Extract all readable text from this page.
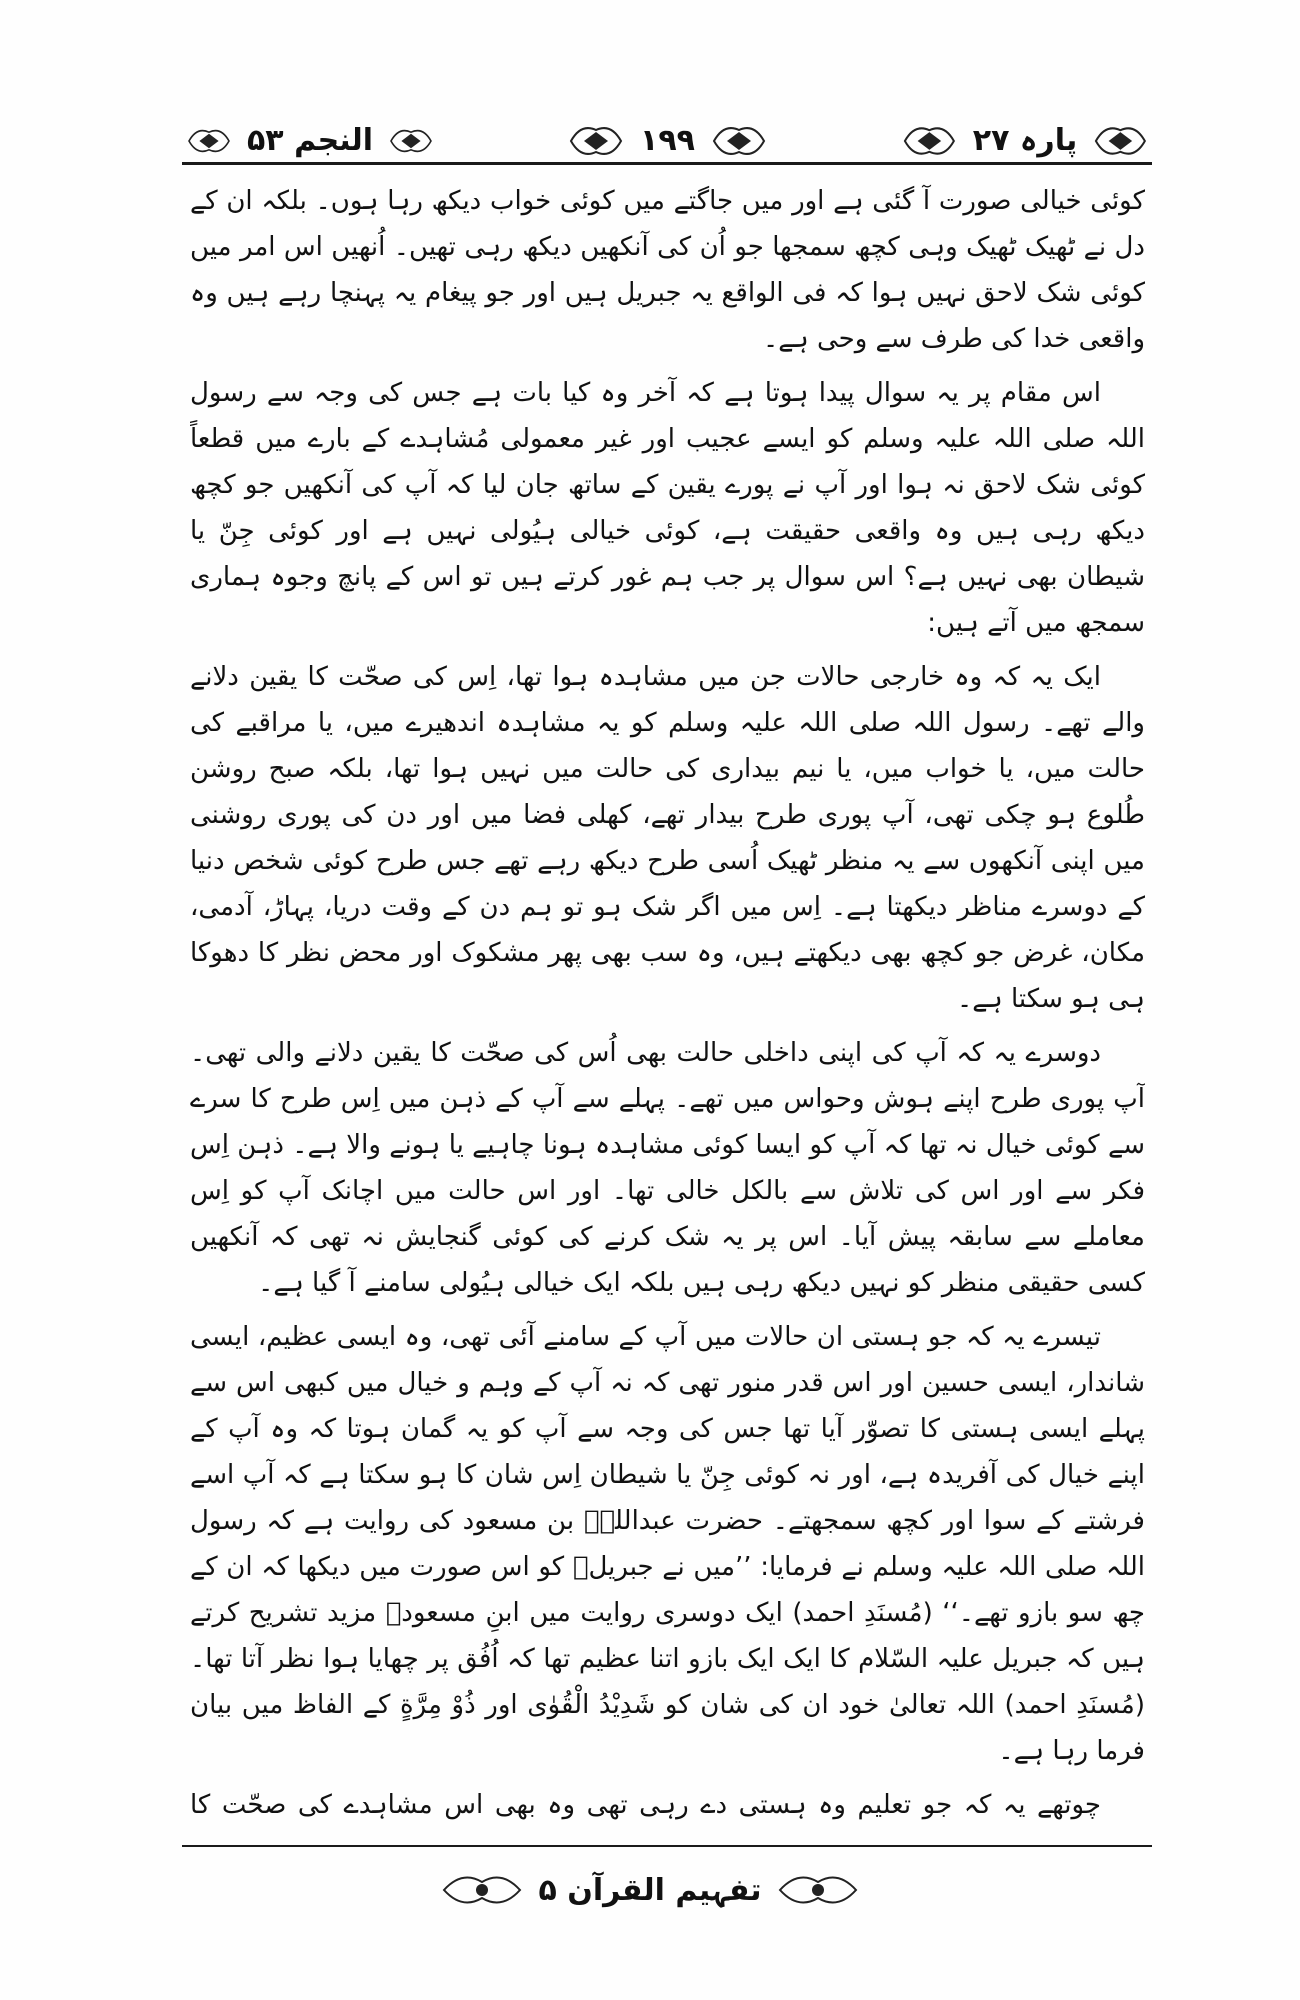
پارہ ۲۷
۱۹۹
النجم ۵۳

کوئی خیالی صورت آ گئی ہے اور میں جاگتے میں کوئی خواب دیکھ رہا ہوں۔ بلکہ ان کے دل نے ٹھیک ٹھیک وہی کچھ سمجھا جو اُن کی آنکھیں دیکھ رہی تھیں۔ اُنھیں اس امر میں کوئی شک لاحق نہیں ہوا کہ فی الواقع یہ جبریل ہیں اور جو پیغام یہ پہنچا رہے ہیں وہ واقعی خدا کی طرف سے وحی ہے۔

اس مقام پر یہ سوال پیدا ہوتا ہے کہ آخر وہ کیا بات ہے جس کی وجہ سے رسول اللہ صلی اللہ علیہ وسلم کو ایسے عجیب اور غیر معمولی مُشاہدے کے بارے میں قطعاً کوئی شک لاحق نہ ہوا اور آپ نے پورے یقین کے ساتھ جان لیا کہ آپ کی آنکھیں جو کچھ دیکھ رہی ہیں وہ واقعی حقیقت ہے، کوئی خیالی ہیُولی نہیں ہے اور کوئی جِنّ یا شیطان بھی نہیں ہے؟ اس سوال پر جب ہم غور کرتے ہیں تو اس کے پانچ وجوہ ہماری سمجھ میں آتے ہیں:

ایک یہ کہ وہ خارجی حالات جن میں مشاہدہ ہوا تھا، اِس کی صحّت کا یقین دلانے والے تھے۔ رسول اللہ صلی اللہ علیہ وسلم کو یہ مشاہدہ اندھیرے میں، یا مراقبے کی حالت میں، یا خواب میں، یا نیم بیداری کی حالت میں نہیں ہوا تھا، بلکہ صبح روشن طُلوع ہو چکی تھی، آپ پوری طرح بیدار تھے، کھلی فضا میں اور دن کی پوری روشنی میں اپنی آنکھوں سے یہ منظر ٹھیک اُسی طرح دیکھ رہے تھے جس طرح کوئی شخص دنیا کے دوسرے مناظر دیکھتا ہے۔ اِس میں اگر شک ہو تو ہم دن کے وقت دریا، پہاڑ، آدمی، مکان، غرض جو کچھ بھی دیکھتے ہیں، وہ سب بھی پھر مشکوک اور محض نظر کا دھوکا ہی ہو سکتا ہے۔

دوسرے یہ کہ آپ کی اپنی داخلی حالت بھی اُس کی صحّت کا یقین دلانے والی تھی۔ آپ پوری طرح اپنے ہوش وحواس میں تھے۔ پہلے سے آپ کے ذہن میں اِس طرح کا سرے سے کوئی خیال نہ تھا کہ آپ کو ایسا کوئی مشاہدہ ہونا چاہیے یا ہونے والا ہے۔ ذہن اِس فکر سے اور اس کی تلاش سے بالکل خالی تھا۔ اور اس حالت میں اچانک آپ کو اِس معاملے سے سابقہ پیش آیا۔ اس پر یہ شک کرنے کی کوئی گنجایش نہ تھی کہ آنکھیں کسی حقیقی منظر کو نہیں دیکھ رہی ہیں بلکہ ایک خیالی ہیُولی سامنے آ گیا ہے۔

تیسرے یہ کہ جو ہستی ان حالات میں آپ کے سامنے آئی تھی، وہ ایسی عظیم، ایسی شاندار، ایسی حسین اور اس قدر منور تھی کہ نہ آپ کے وہم و خیال میں کبھی اس سے پہلے ایسی ہستی کا تصوّر آیا تھا جس کی وجہ سے آپ کو یہ گمان ہوتا کہ وہ آپ کے اپنے خیال کی آفریدہ ہے، اور نہ کوئی جِنّ یا شیطان اِس شان کا ہو سکتا ہے کہ آپ اسے فرشتے کے سوا اور کچھ سمجھتے۔ حضرت عبداللہؓ بن مسعود کی روایت ہے کہ رسول اللہ صلی اللہ علیہ وسلم نے فرمایا: ’’میں نے جبریلؑ کو اس صورت میں دیکھا کہ ان کے چھ سو بازو تھے۔‘‘ (مُسنَدِ احمد) ایک دوسری روایت میں ابنِ مسعودؓ مزید تشریح کرتے ہیں کہ جبریل علیہ السّلام کا ایک ایک بازو اتنا عظیم تھا کہ اُفُق پر چھایا ہوا نظر آتا تھا۔ (مُسنَدِ احمد) اللہ تعالیٰ خود ان کی شان کو شَدِيْدُ الْقُوٰی اور ذُوْ مِرَّةٍ کے الفاظ میں بیان فرما رہا ہے۔

چوتھے یہ کہ جو تعلیم وہ ہستی دے رہی تھی وہ بھی اس مشاہدے کی صحّت کا

تفہیم القرآن ۵
